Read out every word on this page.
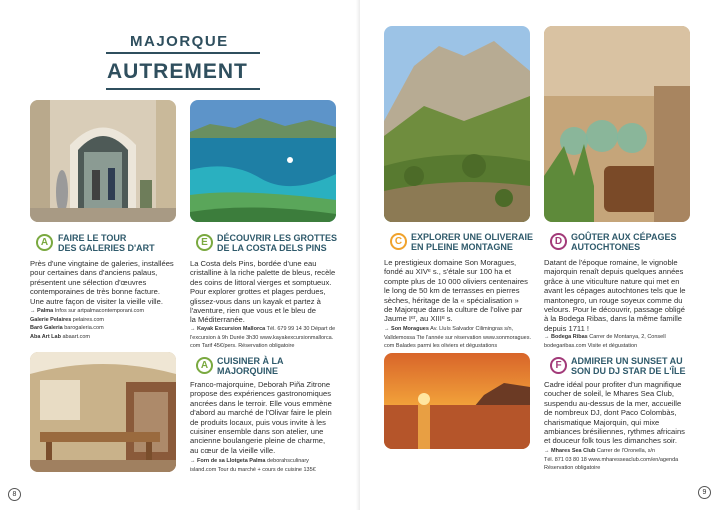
MAJORQUE
AUTREMENT
A	FAIRE LE TOUR
DES GALERIES D'ART
Près d'une vingtaine de galeries, installées
pour certaines dans d'anciens palaus,
présentent une sélection d'œuvres
contemporaines de très bonne facture.
Une autre façon de visiter la vieille ville.
→ Palma Infos sur artpalmacontemporani.com
Galerie Pelaires pelaires.com
Baró Galeria barogaleria.com
Aba Art Lab abaart.com
E	DÉCOUVRIR LES GROTTES
DE LA COSTA DELS PINS
La Costa dels Pins, bordée d'une eau
cristalline à la riche palette de bleus, recèle
des coins de littoral vierges et somptueux.
Pour explorer grottes et plages perdues,
glissez-vous dans un kayak et partez à
l'aventure, rien que vous et le bleu de
la Méditerranée.
→ Kayak Excursion Mallorca Tél. 679 99 14 30 Départ de
l'excursion à 9h Durée 3h30 www.kayakexcursionmallorca.
com Tarif 45€/pers. Réservation obligatoire
A CUISINER À LA
MAJORQUINE
Franco-majorquine, Deborah Piña Zitrone
propose des expériences gastronomiques
ancrées dans le terroir. Elle vous emmène
d'abord au marché de l'Olivar faire le plein
de produits locaux, puis vous invite à les
cuisiner ensemble dans son atelier, une
ancienne boulangerie pleine de charme,
au cœur de la vieille ville.
→ Forn de sa Llotgeta Palma deborahsculinary
island.com Tour du marché + cours de cuisine 135€
8
C EXPLORER UNE OLIVERAIE
EN PLEINE MONTAGNE
Le prestigieux domaine Son Moragues,
fondé au XIVᵉ s., s'étale sur 100 ha et
compte plus de 10 000 oliviers centenaires
le long de 50 km de terrasses en pierres
sèches, héritage de la « spécialisation »
de Majorque dans la culture de l'olive par
Jaume Iᵉʳ, au XIIIᵉ s.
→ Son Moragues Av. Lluís Salvador Cilimingras s/n,
Valldemossa Tte l'année sur réservation www.sonmoragues.
com Balades parmi les oliviers et dégustations
D GOÛTER AUX CÉPAGES
AUTOCHTONES
Datant de l'époque romaine, le vignoble
majorquin renaît depuis quelques années
grâce à une viticulture nature qui met en
avant les cépages autochtones tels que le
mantonegro, un rouge soyeux comme du
velours. Pour le découvrir, passage obligé
à la Bodega Ribas, dans la même famille
depuis 1711 !
→ Bodega Ribas Carrer de Montanya, 2, Consell
bodegaribas.com Visite et dégustation
F	ADMIRER UN SUNSET AU
SON DU DJ STAR DE L'ÎLE
Cadre idéal pour profiter d'un magnifique
coucher de soleil, le Mhares Sea Club,
suspendu au-dessus de la mer, accueille
de nombreux DJ, dont Paco Colombàs,
charismatique Majorquin, qui mixe
ambiances brésiliennes, rythmes africains
et douceur folk tous les dimanches soir.
→ Mhares Sea Club Carrer de l'Oronella, s/n
Tél. 871 03 80 18 www.mharesseaclub.com/en/agenda
Réservation obligatoire
9
